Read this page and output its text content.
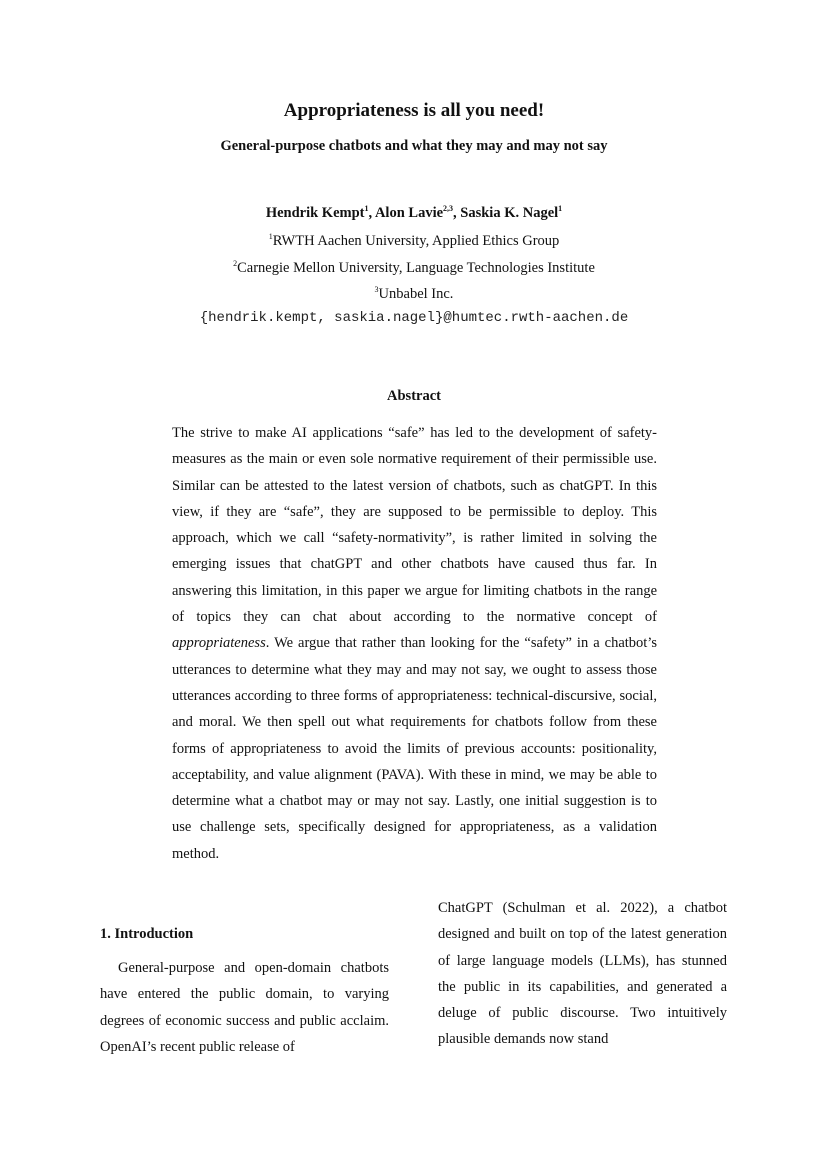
Appropriateness is all you need!
General-purpose chatbots and what they may and may not say
Hendrik Kempt$^1$, Alon Lavie$^{2,3}$, Saskia K. Nagel$^1$
$^1$RWTH Aachen University, Applied Ethics Group
$^2$Carnegie Mellon University, Language Technologies Institute
$^3$Unbabel Inc.
{hendrik.kempt, saskia.nagel}@humtec.rwth-aachen.de
Abstract

The strive to make AI applications “safe” has led to the development of safety-measures as the main or even sole normative requirement of their permissible use. Similar can be attested to the latest version of chatbots, such as chatGPT. In this view, if they are “safe”, they are supposed to be permissible to deploy. This approach, which we call “safety-normativity”, is rather limited in solving the emerging issues that chatGPT and other chatbots have caused thus far. In answering this limitation, in this paper we argue for limiting chatbots in the range of topics they can chat about according to the normative concept of appropriateness. We argue that rather than looking for the “safety” in a chatbot’s utterances to determine what they may and may not say, we ought to assess those utterances according to three forms of appropriateness: technical-discursive, social, and moral. We then spell out what requirements for chatbots follow from these forms of appropriateness to avoid the limits of previous accounts: positionality, acceptability, and value alignment (PAVA). With these in mind, we may be able to determine what a chatbot may or may not say. Lastly, one initial suggestion is to use challenge sets, specifically designed for appropriateness, as a validation method.

1. Introduction

General-purpose and open-domain chatbots have entered the public domain, to varying degrees of economic success and public acclaim. OpenAI’s recent public release of

ChatGPT (Schulman et al. 2022), a chatbot designed and built on top of the latest generation of large language models (LLMs), has stunned the public in its capabilities, and generated a deluge of public discourse. Two intuitively plausible demands now stand
